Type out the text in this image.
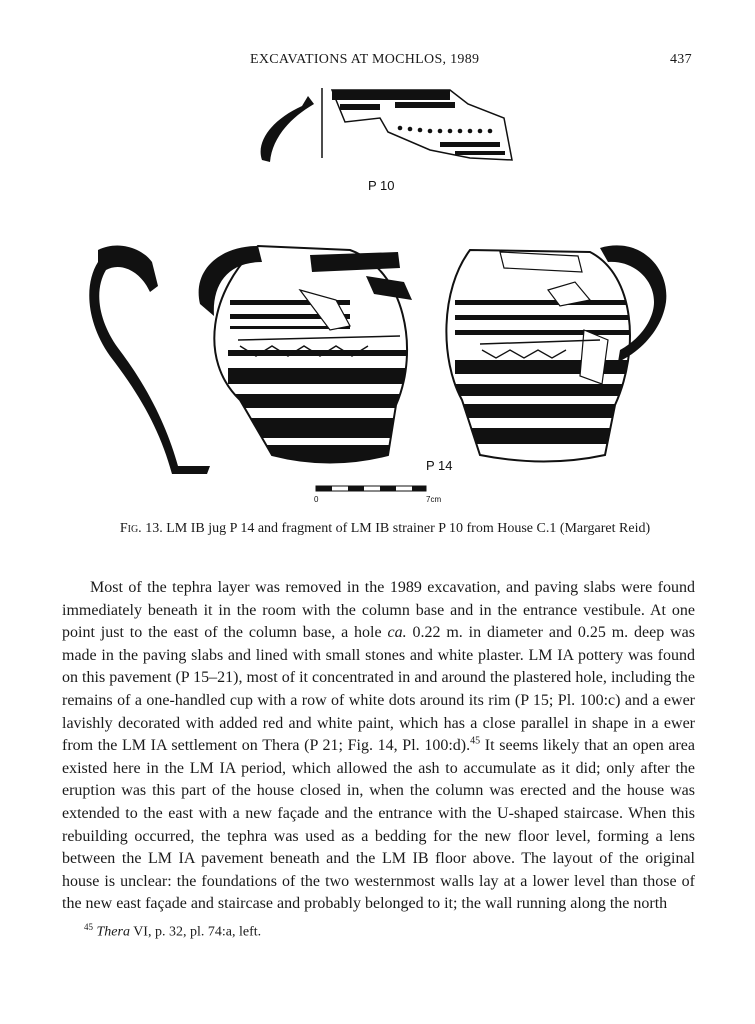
EXCAVATIONS AT MOCHLOS, 1989	437
P 10
P 14
0	7cm
Fig. 13. LM IB jug P 14 and fragment of LM IB strainer P 10 from House C.1 (Margaret Reid)

Most of the tephra layer was removed in the 1989 excavation, and paving slabs were found immediately beneath it in the room with the column base and in the entrance vestibule. At one point just to the east of the column base, a hole ca. 0.22 m. in diameter and 0.25 m. deep was made in the paving slabs and lined with small stones and white plaster. LM IA pottery was found on this pavement (P 15–21), most of it concentrated in and around the plastered hole, including the remains of a one-handled cup with a row of white dots around its rim (P 15; Pl. 100:c) and a ewer lavishly decorated with added red and white paint, which has a close parallel in shape in a ewer from the LM IA settlement on Thera (P 21; Fig. 14, Pl. 100:d).$^{45}$ It seems likely that an open area existed here in the LM IA period, which allowed the ash to accumulate as it did; only after the eruption was this part of the house closed in, when the column was erected and the house was extended to the east with a new façade and the entrance with the U-shaped staircase. When this rebuilding occurred, the tephra was used as a bedding for the new floor level, forming a lens between the LM IA pavement beneath and the LM IB floor above. The layout of the original house is unclear: the foundations of the two westernmost walls lay at a lower level than those of the new east façade and staircase and probably belonged to it; the wall running along the north

$^{45}$ Thera VI, p. 32, pl. 74:a, left.
